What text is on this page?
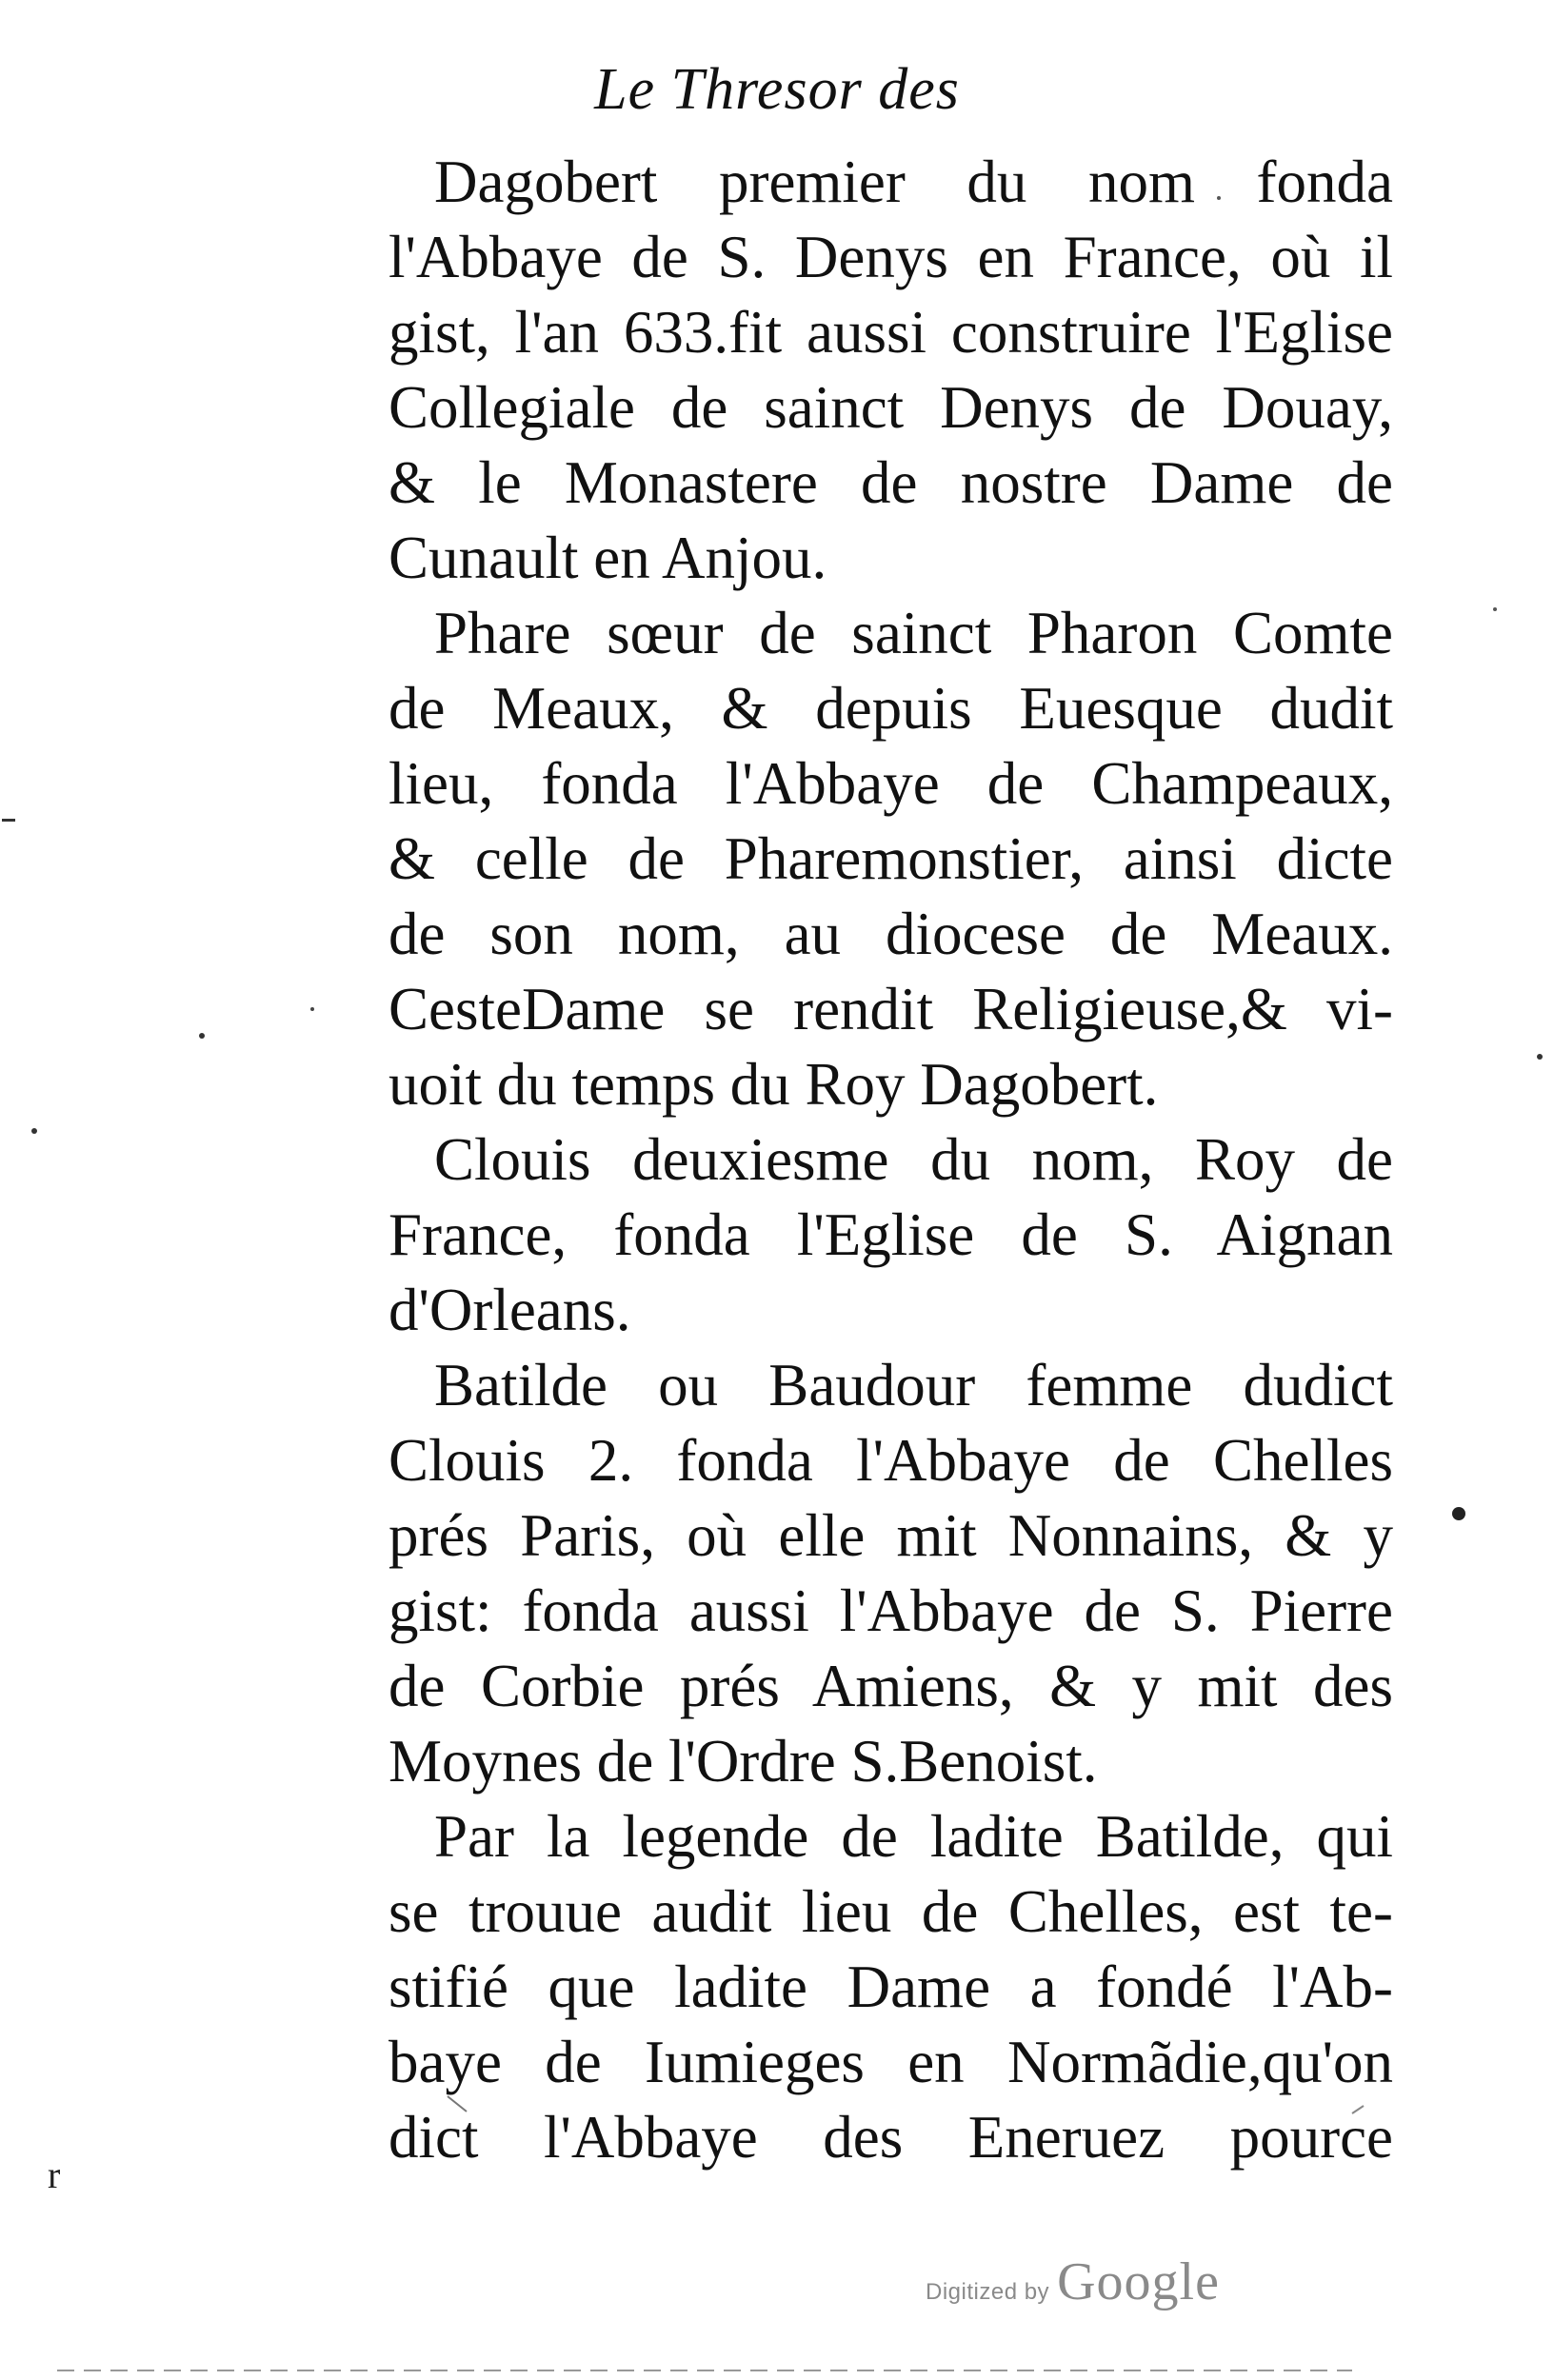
r
Le Thresor des
Dagobert premier du nom fonda
l'Abbaye de S. Denys en France, où il
gist, l'an 633.fit aussi construire l'Eglise
Collegiale de sainct Denys de Douay,
& le Monastere de nostre Dame de
Cunault en Anjou.
Phare sœur de sainct Pharon Comte
de Meaux, & depuis Euesque dudit
lieu, fonda l'Abbaye de Champeaux,
& celle de Pharemonstier, ainsi dicte
de son nom, au diocese de Meaux.
CesteDame se rendit Religieuse,& vi-
uoit du temps du Roy Dagobert.
Clouis deuxiesme du nom, Roy de
France, fonda l'Eglise de S. Aignan
d'Orleans.
Batilde ou Baudour femme dudict
Clouis 2. fonda l'Abbaye de Chelles
prés Paris, où elle mit Nonnains, & y
gist: fonda aussi l'Abbaye de S. Pierre
de Corbie prés Amiens, & y mit des
Moynes de l'Ordre S.Benoist.
Par la legende de ladite Batilde, qui
se trouue audit lieu de Chelles, est te-
stifié que ladite Dame a fondé l'Ab-
baye de Iumieges en Normãdie,qu'on
dict l'Abbaye des Eneruez pource
Digitized by Google
